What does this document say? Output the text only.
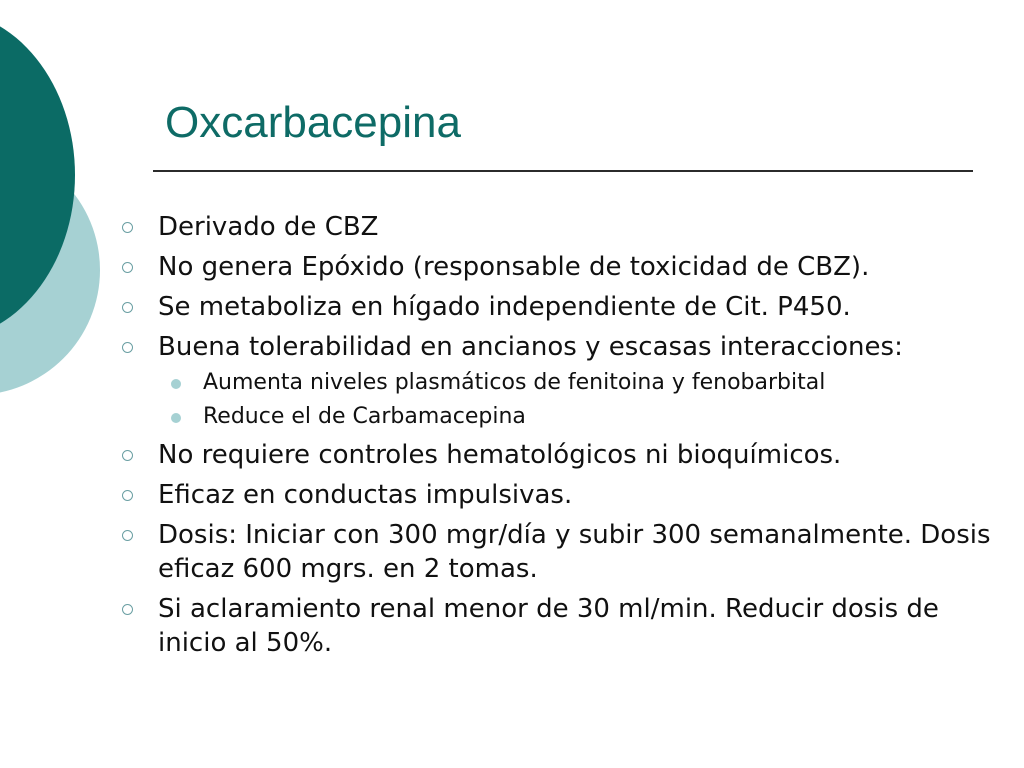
Oxcarbacepina
Derivado de CBZ
No genera Epóxido (responsable de toxicidad de CBZ).
Se metaboliza en hígado independiente de Cit. P450.
Buena tolerabilidad en ancianos y escasas interacciones:
Aumenta niveles plasmáticos de fenitoina y fenobarbital
Reduce el de Carbamacepina
No requiere controles hematológicos ni bioquímicos.
Eficaz en conductas impulsivas.
Dosis: Iniciar con 300 mgr/día y subir 300 semanalmente. Dosis eficaz 600 mgrs. en 2 tomas.
Si aclaramiento renal menor de 30 ml/min. Reducir dosis de inicio al 50%.
